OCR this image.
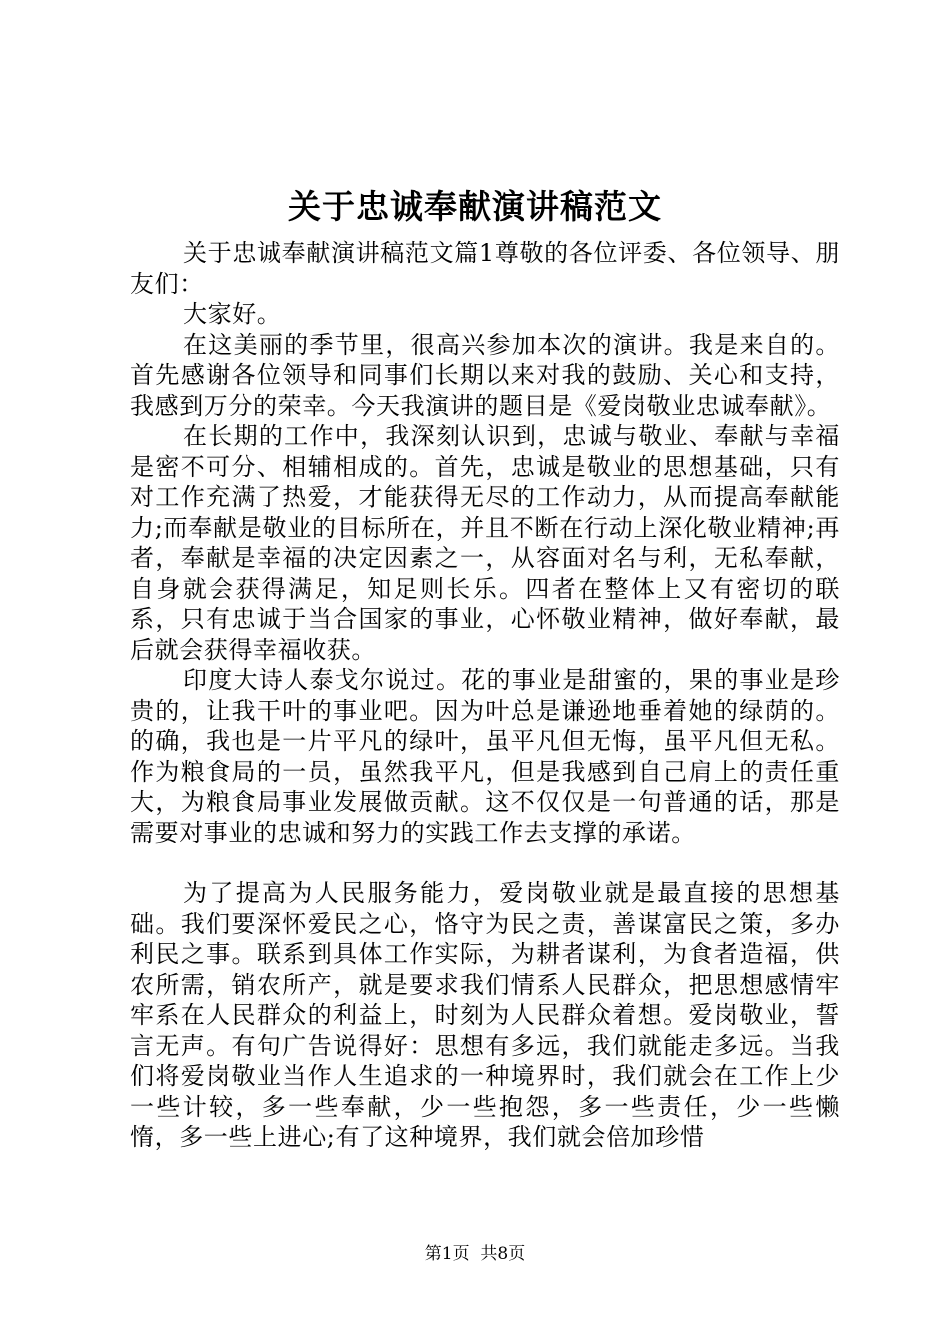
关于忠诚奉献演讲稿范文

关于忠诚奉献演讲稿范文篇1尊敬的各位评委、各位领导、朋友们：

大家好。

在这美丽的季节里，很高兴参加本次的演讲。我是来自的。首先感谢各位领导和同事们长期以来对我的鼓励、关心和支持，我感到万分的荣幸。今天我演讲的题目是《爱岗敬业忠诚奉献》。

在长期的工作中，我深刻认识到，忠诚与敬业、奉献与幸福是密不可分、相辅相成的。首先，忠诚是敬业的思想基础，只有对工作充满了热爱，才能获得无尽的工作动力，从而提高奉献能力;而奉献是敬业的目标所在，并且不断在行动上深化敬业精神;再者，奉献是幸福的决定因素之一，从容面对名与利，无私奉献，自身就会获得满足，知足则长乐。四者在整体上又有密切的联系，只有忠诚于当合国家的事业，心怀敬业精神，做好奉献，最后就会获得幸福收获。

印度大诗人泰戈尔说过。花的事业是甜蜜的，果的事业是珍贵的，让我干叶的事业吧。因为叶总是谦逊地垂着她的绿荫的。的确，我也是一片平凡的绿叶，虽平凡但无悔，虽平凡但无私。作为粮食局的一员，虽然我平凡，但是我感到自己肩上的责任重大，为粮食局事业发展做贡献。这不仅仅是一句普通的话，那是需要对事业的忠诚和努力的实践工作去支撑的承诺。

为了提高为人民服务能力，爱岗敬业就是最直接的思想基础。我们要深怀爱民之心，恪守为民之责，善谋富民之策，多办利民之事。联系到具体工作实际，为耕者谋利，为食者造福，供农所需，销农所产，就是要求我们情系人民群众，把思想感情牢牢系在人民群众的利益上，时刻为人民群众着想。爱岗敬业，誓言无声。有句广告说得好：思想有多远，我们就能走多远。当我们将爱岗敬业当作人生追求的一种境界时，我们就会在工作上少一些计较，多一些奉献，少一些抱怨，多一些责任，少一些懒惰，多一些上进心;有了这种境界，我们就会倍加珍惜

第1页 共8页
